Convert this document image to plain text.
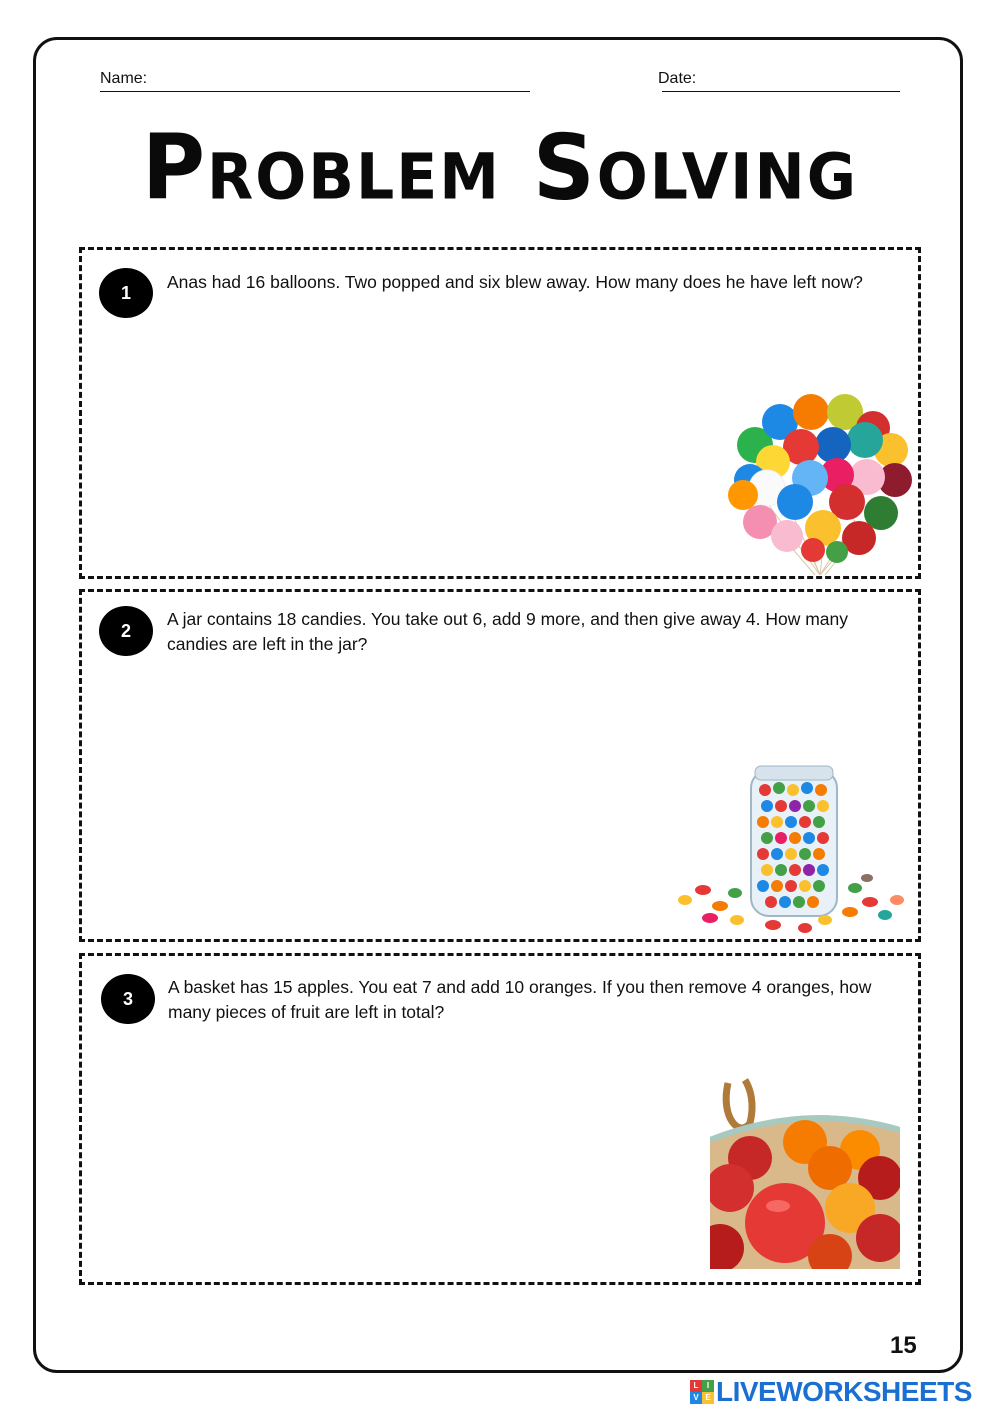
Name:	Date:
Problem Solving
1
Anas had 16 balloons. Two popped and six blew away. How many does he have left now?
2
A jar contains 18 candies. You take out 6, add 9 more, and then give away 4. How many candies are left in the jar?
3
A basket has 15 apples. You eat 7 and add 10 oranges. If you then remove 4 oranges, how many pieces of fruit are left in total?
15
L	I
V E LIVEWORKSHEETS
